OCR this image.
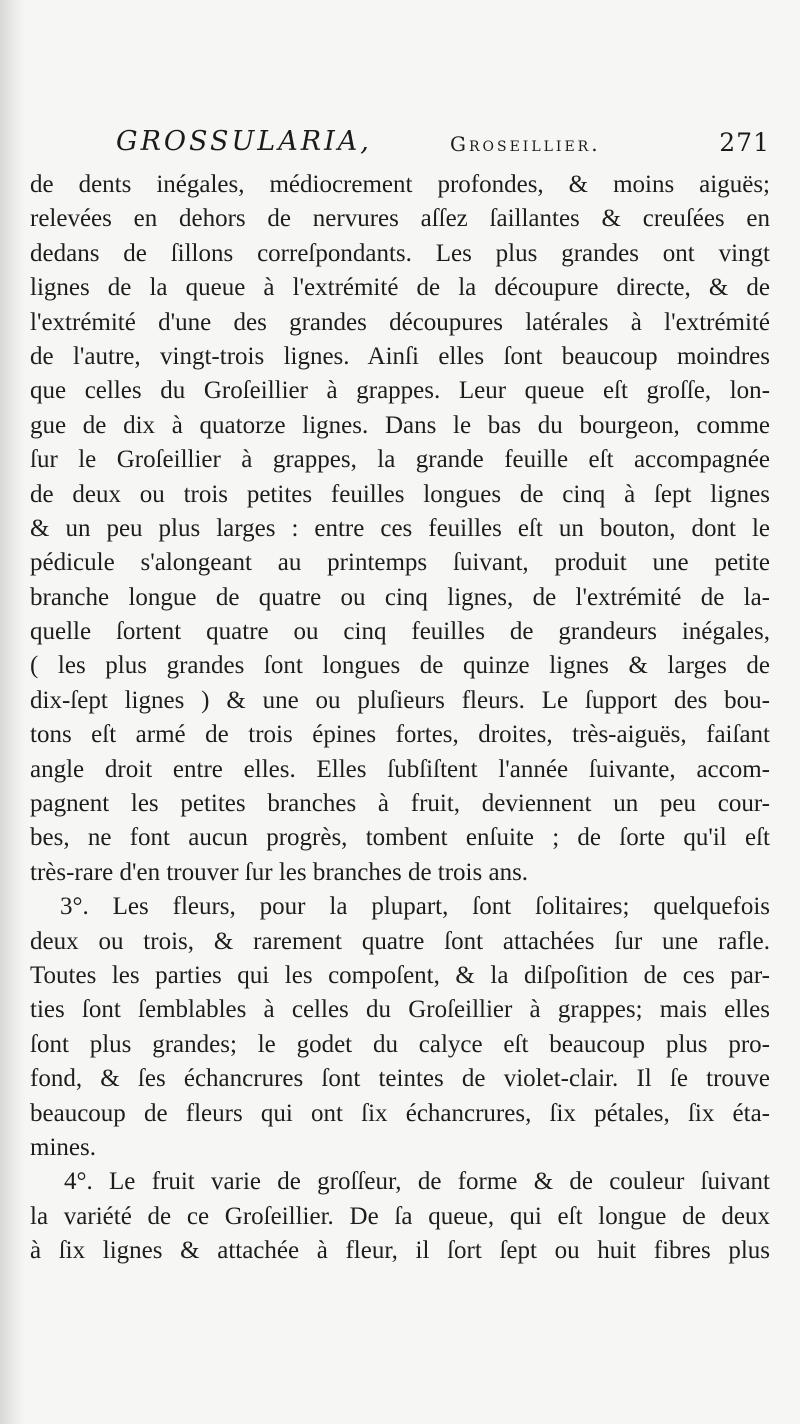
GROSSULARIA,	Groseillier.	271
de dents inégales, médiocrement profondes, & moins aiguës;
relevées en dehors de nervures aſſez ſaillantes & creuſées en
dedans de ſillons correſpondants. Les plus grandes ont vingt
lignes de la queue à l'extrémité de la découpure directe, & de
l'extrémité d'une des grandes découpures latérales à l'extrémité
de l'autre, vingt-trois lignes. Ainſi elles ſont beaucoup moindres
que celles du Groſeillier à grappes. Leur queue eſt groſſe, lon-
gue de dix à quatorze lignes. Dans le bas du bourgeon, comme
ſur le Groſeillier à grappes, la grande feuille eſt accompagnée
de deux ou trois petites feuilles longues de cinq à ſept lignes
& un peu plus larges : entre ces feuilles eſt un bouton, dont le
pédicule s'alongeant au printemps ſuivant, produit une petite
branche longue de quatre ou cinq lignes, de l'extrémité de la-
quelle ſortent quatre ou cinq feuilles de grandeurs inégales,
( les plus grandes ſont longues de quinze lignes & larges de
dix-ſept lignes ) & une ou pluſieurs fleurs. Le ſupport des bou-
tons eſt armé de trois épines fortes, droites, très-aiguës, faiſant
angle droit entre elles. Elles ſubſiſtent l'année ſuivante, accom-
pagnent les petites branches à fruit, deviennent un peu cour-
bes, ne font aucun progrès, tombent enſuite ; de ſorte qu'il eſt
très-rare d'en trouver ſur les branches de trois ans.
3°. Les fleurs, pour la plupart, ſont ſolitaires; quelquefois
deux ou trois, & rarement quatre ſont attachées ſur une rafle.
Toutes les parties qui les compoſent, & la diſpoſition de ces par-
ties ſont ſemblables à celles du Groſeillier à grappes; mais elles
ſont plus grandes; le godet du calyce eſt beaucoup plus pro-
fond, & ſes échancrures ſont teintes de violet-clair. Il ſe trouve
beaucoup de fleurs qui ont ſix échancrures, ſix pétales, ſix éta-
mines.
4°. Le fruit varie de groſſeur, de forme & de couleur ſuivant
la variété de ce Groſeillier. De ſa queue, qui eſt longue de deux
à ſix lignes & attachée à fleur, il ſort ſept ou huit fibres plus
